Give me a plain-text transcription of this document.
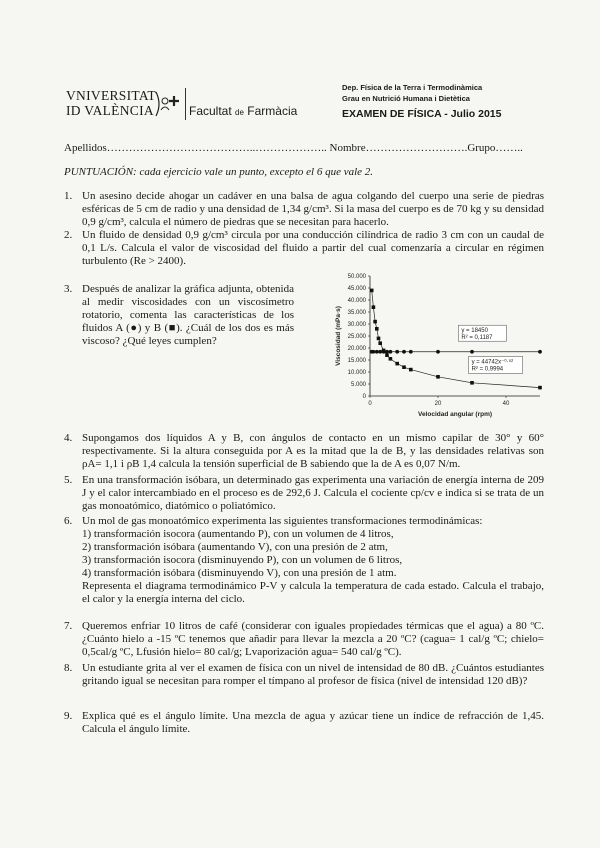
VNIVERSITAT
ID VALÈNCIA	Facultat de Farmàcia
Dep. Física de la Terra i Termodinàmica
Grau en Nutrició Humana i Dietètica
EXAMEN DE FÍSICA - Julio 2015
Apellidos…………………………………..……………….. Nombre……………………….Grupo……..
PUNTUACIÓN: cada ejercicio vale un punto, excepto el 6 que vale 2.
1. Un asesino decide ahogar un cadáver en una balsa de agua colgando del cuerpo una serie de piedras esféricas de 5 cm de radio y una densidad de 1,34 g/cm³. Si la masa del cuerpo es de 70 kg y su densidad 0,9 g/cm³, calcula el número de piedras que se necesitan para hacerlo.
2. Un fluido de densidad 0,9 g/cm³ circula por una conducción cilíndrica de radio 3 cm con un caudal de 0,1 L/s. Calcula el valor de viscosidad del fluido a partir del cual comenzaría a circular en régimen turbulento (Re > 2400).
3. Después de analizar la gráfica adjunta, obtenida al medir viscosidades con un viscosímetro rotatorio, comenta las características de los fluidos A (●) y B (■). ¿Cuál de los dos es más viscoso? ¿Qué leyes cumplen?
0
5.000
10.000
15.000
20.000
25.000
30.000
35.000
40.000
45.000
50.000
0	20	40
Velocidad angular (rpm)
Viscosidad (mPa·s)	y = 18450
R² = 0,1187
y = 44742x⁻⁰·⁵²
R² = 0,9994
4. Supongamos dos líquidos A y B, con ángulos de contacto en un mismo capilar de 30° y 60° respectivamente. Si la altura conseguida por A es la mitad que la de B, y las densidades relativas son ρA= 1,1 i ρB 1,4 calcula la tensión superficial de B sabiendo que la de A es 0,07 N/m.
5. En una transformación isóbara, un determinado gas experimenta una variación de energía interna de 209 J y el calor intercambiado en el proceso es de 292,6 J. Calcula el cociente cp/cv e indica si se trata de un gas monoatómico, diatómico o poliatómico.
6. Un mol de gas monoatómico experimenta las siguientes transformaciones termodinámicas:
1) transformación isocora (aumentando P), con un volumen de 4 litros,
2) transformación isóbara (aumentando V), con una presión de 2 atm,
3) transformación isocora (disminuyendo P), con un volumen de 6 litros,
4) transformación isóbara (disminuyendo V), con una presión de 1 atm.
Representa el diagrama termodinámico P-V y calcula la temperatura de cada estado. Calcula el trabajo, el calor y la energía interna del ciclo.
7. Queremos enfriar 10 litros de café (considerar con iguales propiedades térmicas que el agua) a 80 ºC. ¿Cuánto hielo a -15 ºC tenemos que añadir para llevar la mezcla a 20 ºC? (cagua= 1 cal/g ºC; chielo= 0,5cal/g ºC, Lfusión hielo= 80 cal/g; Lvaporización agua= 540 cal/g ºC).
8. Un estudiante grita al ver el examen de física con un nivel de intensidad de 80 dB. ¿Cuántos estudiantes gritando igual se necesitan para romper el tímpano al profesor de física (nivel de intensidad 120 dB)?
9. Explica qué es el ángulo límite. Una mezcla de agua y azúcar tiene un índice de refracción de 1,45. Calcula el ángulo límite.
